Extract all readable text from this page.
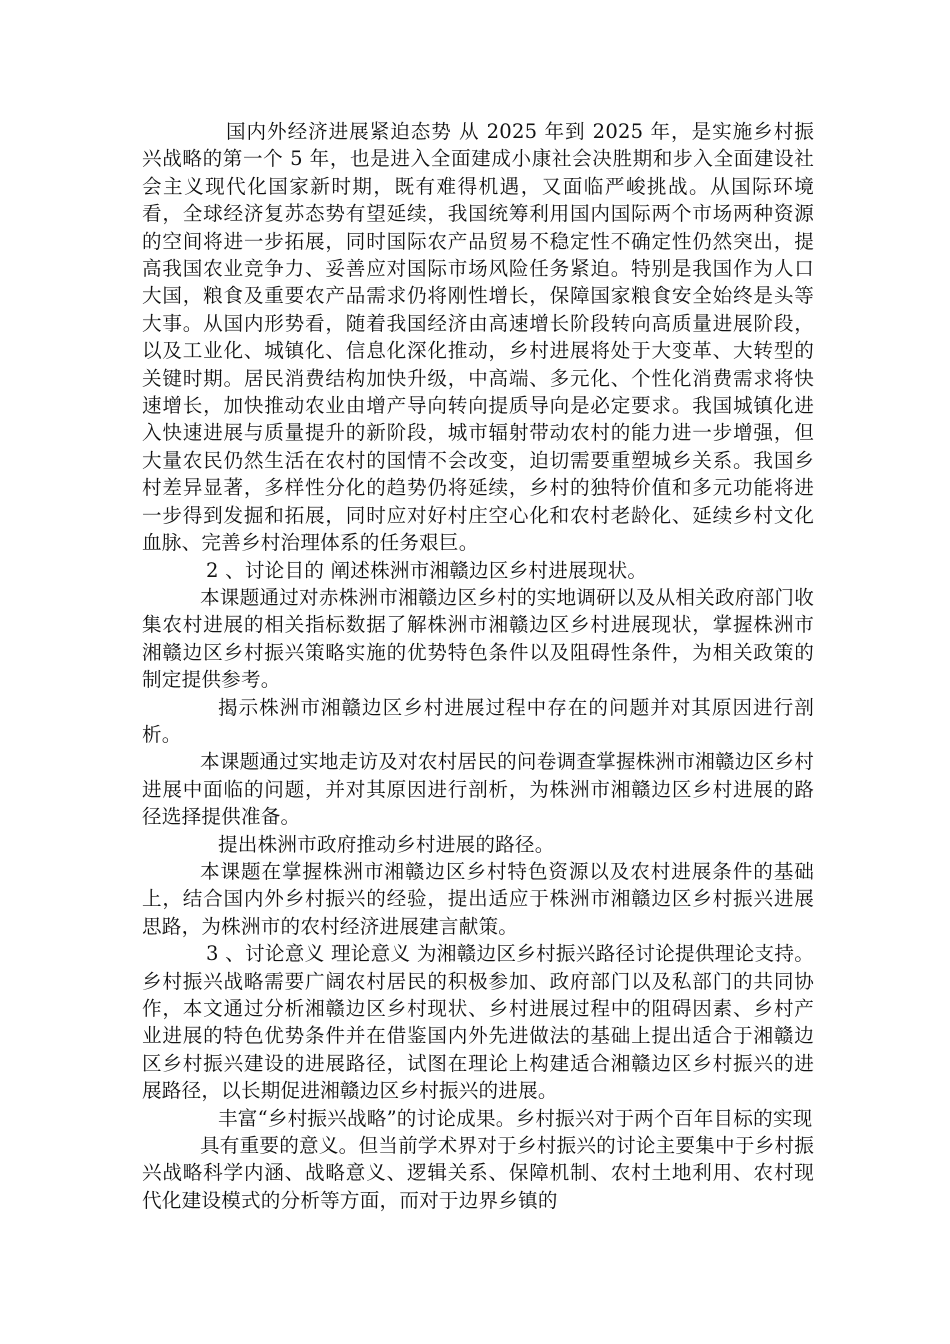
国内外经济进展紧迫态势 从 2025 年到 2025 年，是实施乡村振兴战略的第一个 5 年，也是进入全面建成小康社会决胜期和步入全面建设社会主义现代化国家新时期，既有难得机遇，又面临严峻挑战。从国际环境看，全球经济复苏态势有望延续，我国统筹利用国内国际两个市场两种资源的空间将进一步拓展，同时国际农产品贸易不稳定性不确定性仍然突出，提高我国农业竞争力、妥善应对国际市场风险任务紧迫。特别是我国作为人口大国，粮食及重要农产品需求仍将刚性增长，保障国家粮食安全始终是头等大事。从国内形势看，随着我国经济由高速增长阶段转向高质量进展阶段，以及工业化、城镇化、信息化深化推动，乡村进展将处于大变革、大转型的关键时期。居民消费结构加快升级，中高端、多元化、个性化消费需求将快速增长，加快推动农业由增产导向转向提质导向是必定要求。我国城镇化进入快速进展与质量提升的新阶段，城市辐射带动农村的能力进一步增强，但大量农民仍然生活在农村的国情不会改变，迫切需要重塑城乡关系。我国乡村差异显著，多样性分化的趋势仍将延续，乡村的独特价值和多元功能将进一步得到发掘和拓展，同时应对好村庄空心化和农村老龄化、延续乡村文化血脉、完善乡村治理体系的任务艰巨。

2 、讨论目的 阐述株洲市湘赣边区乡村进展现状。

本课题通过对赤株洲市湘赣边区乡村的实地调研以及从相关政府部门收集农村进展的相关指标数据了解株洲市湘赣边区乡村进展现状，掌握株洲市湘赣边区乡村振兴策略实施的优势特色条件以及阻碍性条件，为相关政策的制定提供参考。

揭示株洲市湘赣边区乡村进展过程中存在的问题并对其原因进行剖析。

本课题通过实地走访及对农村居民的问卷调查掌握株洲市湘赣边区乡村进展中面临的问题，并对其原因进行剖析，为株洲市湘赣边区乡村进展的路径选择提供准备。

提出株洲市政府推动乡村进展的路径。

本课题在掌握株洲市湘赣边区乡村特色资源以及农村进展条件的基础上，结合国内外乡村振兴的经验，提出适应于株洲市湘赣边区乡村振兴进展思路，为株洲市的农村经济进展建言献策。

3 、讨论意义 理论意义 为湘赣边区乡村振兴路径讨论提供理论支持。乡村振兴战略需要广阔农村居民的积极参加、政府部门以及私部门的共同协作，本文通过分析湘赣边区乡村现状、乡村进展过程中的阻碍因素、乡村产业进展的特色优势条件并在借鉴国内外先进做法的基础上提出适合于湘赣边区乡村振兴建设的进展路径，试图在理论上构建适合湘赣边区乡村振兴的进展路径，以长期促进湘赣边区乡村振兴的进展。

丰富“乡村振兴战略”的讨论成果。乡村振兴对于两个百年目标的实现

具有重要的意义。但当前学术界对于乡村振兴的讨论主要集中于乡村振兴战略科学内涵、战略意义、逻辑关系、保障机制、农村土地利用、农村现代化建设模式的分析等方面，而对于边界乡镇的
